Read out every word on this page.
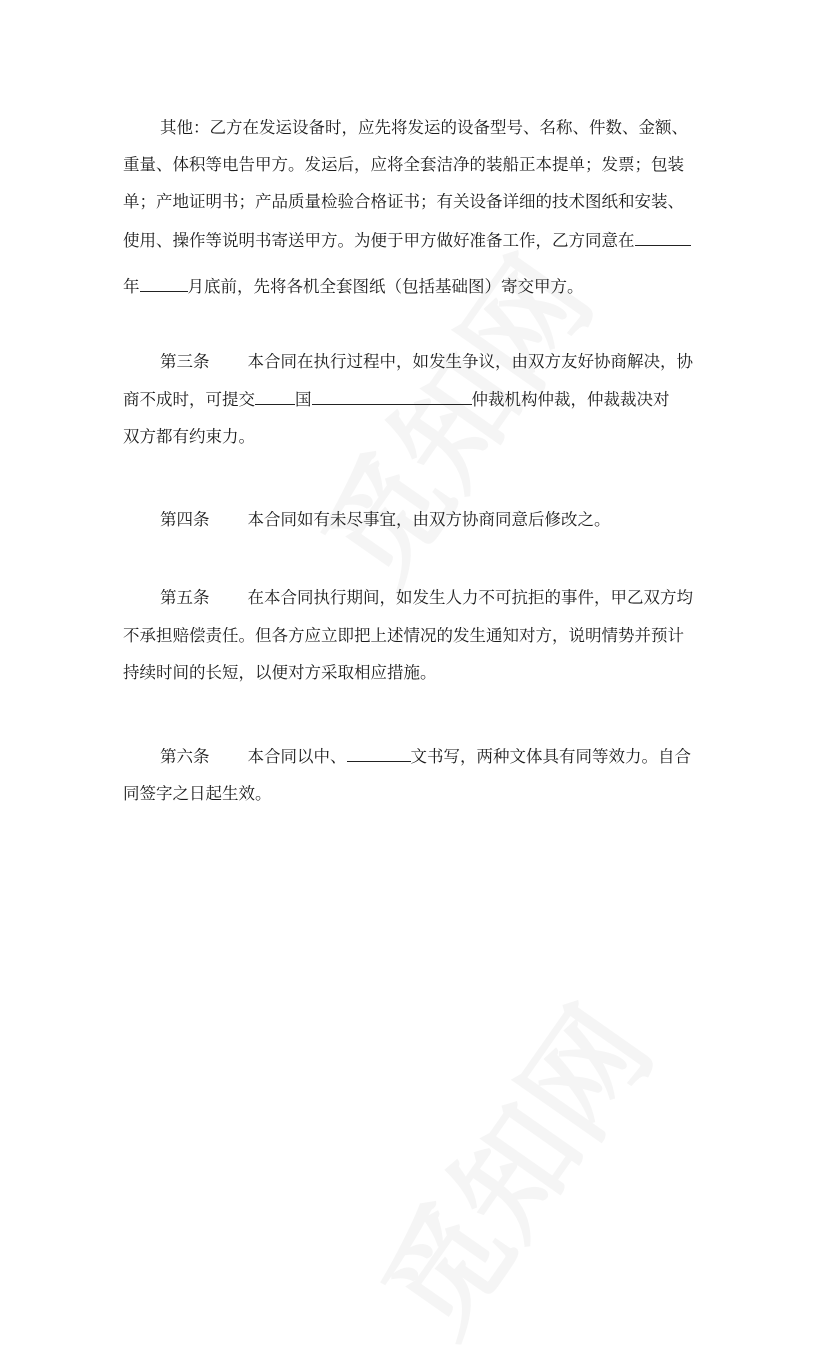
其他：乙方在发运设备时，应先将发运的设备型号、名称、件数、金额、
重量、体积等电告甲方。发运后，应将全套洁净的装船正本提单；发票；包装
单；产地证明书；产品质量检验合格证书；有关设备详细的技术图纸和安装、
使用、操作等说明书寄送甲方。为便于甲方做好准备工作，乙方同意在
年	月底前，先将各机全套图纸（包括基础图）寄交甲方。
第三条 本合同在执行过程中，如发生争议，由双方友好协商解决，协
商不成时，可提交 国	仲裁机构仲裁，仲裁裁决对
双方都有约束力。
第四条 本合同如有未尽事宜，由双方协商同意后修改之。
第五条 在本合同执行期间，如发生人力不可抗拒的事件，甲乙双方均
不承担赔偿责任。但各方应立即把上述情况的发生通知对方，说明情势并预计
持续时间的长短，以便对方采取相应措施。
第六条 本合同以中、	文书写，两种文体具有同等效力。自合
同签字之日起生效。
